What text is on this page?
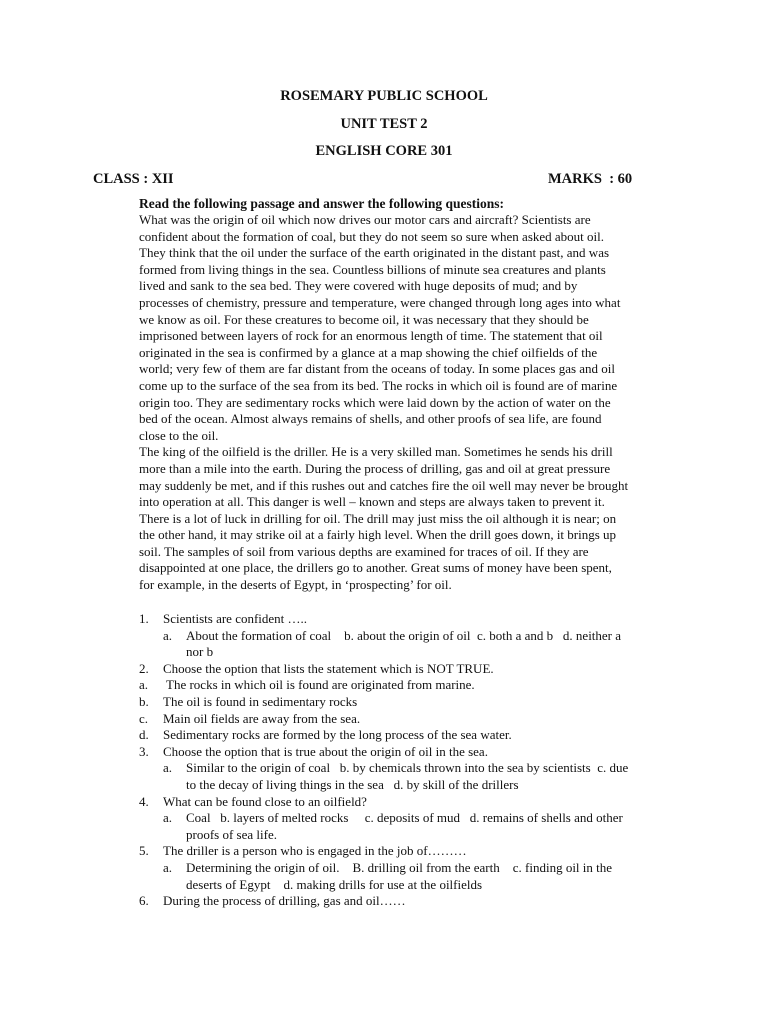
ROSEMARY PUBLIC SCHOOL
UNIT TEST 2
ENGLISH CORE 301
CLASS : XII	MARKS  : 60
Read the following passage and answer the following questions:
What was the origin of oil which now drives our motor cars and aircraft? Scientists are
confident about the formation of coal, but they do not seem so sure when asked about oil.
They think that the oil under the surface of the earth originated in the distant past, and was
formed from living things in the sea. Countless billions of minute sea creatures and plants
lived and sank to the sea bed. They were covered with huge deposits of mud; and by
processes of chemistry, pressure and temperature, were changed through long ages into what
we know as oil. For these creatures to become oil, it was necessary that they should be
imprisoned between layers of rock for an enormous length of time. The statement that oil
originated in the sea is confirmed by a glance at a map showing the chief oilfields of the
world; very few of them are far distant from the oceans of today. In some places gas and oil
come up to the surface of the sea from its bed. The rocks in which oil is found are of marine
origin too. They are sedimentary rocks which were laid down by the action of water on the
bed of the ocean. Almost always remains of shells, and other proofs of sea life, are found
close to the oil.
The king of the oilfield is the driller. He is a very skilled man. Sometimes he sends his drill
more than a mile into the earth. During the process of drilling, gas and oil at great pressure
may suddenly be met, and if this rushes out and catches fire the oil well may never be brought
into operation at all. This danger is well – known and steps are always taken to prevent it.
There is a lot of luck in drilling for oil. The drill may just miss the oil although it is near; on
the other hand, it may strike oil at a fairly high level. When the drill goes down, it brings up
soil. The samples of soil from various depths are examined for traces of oil. If they are
disappointed at one place, the drillers go to another. Great sums of money have been spent,
for example, in the deserts of Egypt, in ‘prospecting’ for oil.
1. Scientists are confident …..
a. About the formation of coal    b. about the origin of oil  c. both a and b   d. neither a
nor b
2. Choose the option that lists the statement which is NOT TRUE.
a. The rocks in which oil is found are originated from marine.
b. The oil is found in sedimentary rocks
c. Main oil fields are away from the sea.
d. Sedimentary rocks are formed by the long process of the sea water.
3. Choose the option that is true about the origin of oil in the sea.
a. Similar to the origin of coal   b. by chemicals thrown into the sea by scientists  c. due
to the decay of living things in the sea   d. by skill of the drillers
4. What can be found close to an oilfield?
a. Coal   b. layers of melted rocks     c. deposits of mud   d. remains of shells and other
proofs of sea life.
5. The driller is a person who is engaged in the job of………
a. Determining the origin of oil.    B. drilling oil from the earth    c. finding oil in the
deserts of Egypt    d. making drills for use at the oilfields
6. During the process of drilling, gas and oil……
